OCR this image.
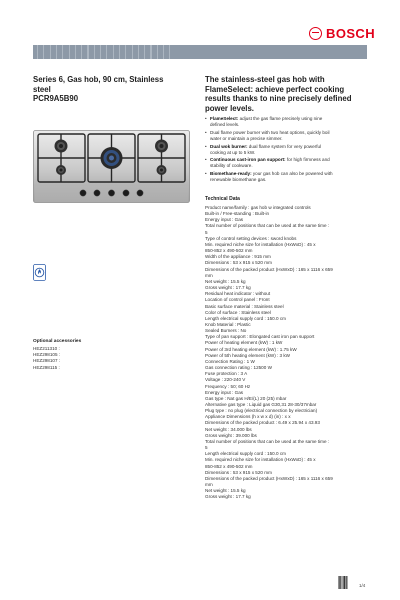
BOSCH
Series 6, Gas hob, 90 cm, Stainless
steel
PCR9A5B90
The stainless-steel gas hob with
FlameSelect: achieve perfect cooking
results thanks to nine precisely defined
power levels.
• FlameSelect: adjust the gas flame precisely using nine
defined levels.
• Dual flame power burner with two heat options, quickly boil
water or maintain a precise simmer.
• Dual wok burner: dual flame system for very powerful
cooking at up to 5 kW.
• Continuous cast-iron pan support: for high firmness and
stability of cookware.
• Biomethane-ready: your gas hob can also be powered with
renewable biomethane gas.
Optional accessories
HEZ211310 :
HEZ298105 :
HEZ298107 :
HEZ298115 :
Technical Data
Product name/family : gas hob w integrated controls
Built-in / Free-standing : Built-in
Energy input : Gas
Total number of positions that can be used at the same time :
5
Type of control setting devices : sword knobs
Min. required niche size for installation (HxWxD) : 45 x
850-852 x 490-502 mm
Width of the appliance : 915 mm
Dimensions : 53 x 915 x 520 mm
Dimensions of the packed product (HxWxD) : 165 x 1116 x 659
mm
Net weight : 15.5 kg
Gross weight : 17.7 kg
Residual heat indicator : without
Location of control panel : Front
Basic surface material : Stainless steel
Color of surface : Stainless steel
Length electrical supply cord : 150.0 cm
Knob Material : Plastic
Sealed Burners : No
Type of pan support : Elongated cast iron pan support
Power of heating element (kW) : 1 kW
Power of 3rd heating element (kW) : 1.75 kW
Power of 5th heating element (kW) : 3 kW
Connection Rating : 1 W
Gas connection rating : 12500 W
Fuse protection : 3 A
Voltage : 220-240 V
Frequency : 50; 60 Hz
Energy input : Gas
Gas type : Nat gas H/E/(L) 20 (25) mbar
Alternative gas type : Liquid gas G30,31 28-30/37mbar
Plug type : no plug (electrical connection by electrician)
Appliance Dimensions (h x w x d) (in) : x x
Dimensions of the packed product : 6.49 x 25.94 x 43.93
Net weight : 34.000 lbs
Gross weight : 39.000 lbs
Total number of positions that can be used at the same time :
5
Length electrical supply cord : 150.0 cm
Min. required niche size for installation (HxWxD) : 45 x
850-852 x 490-502 mm
Dimensions : 53 x 915 x 520 mm
Dimensions of the packed product (HxWxD) : 165 x 1116 x 659
mm
Net weight : 15.5 kg
Gross weight : 17.7 kg
1/4
